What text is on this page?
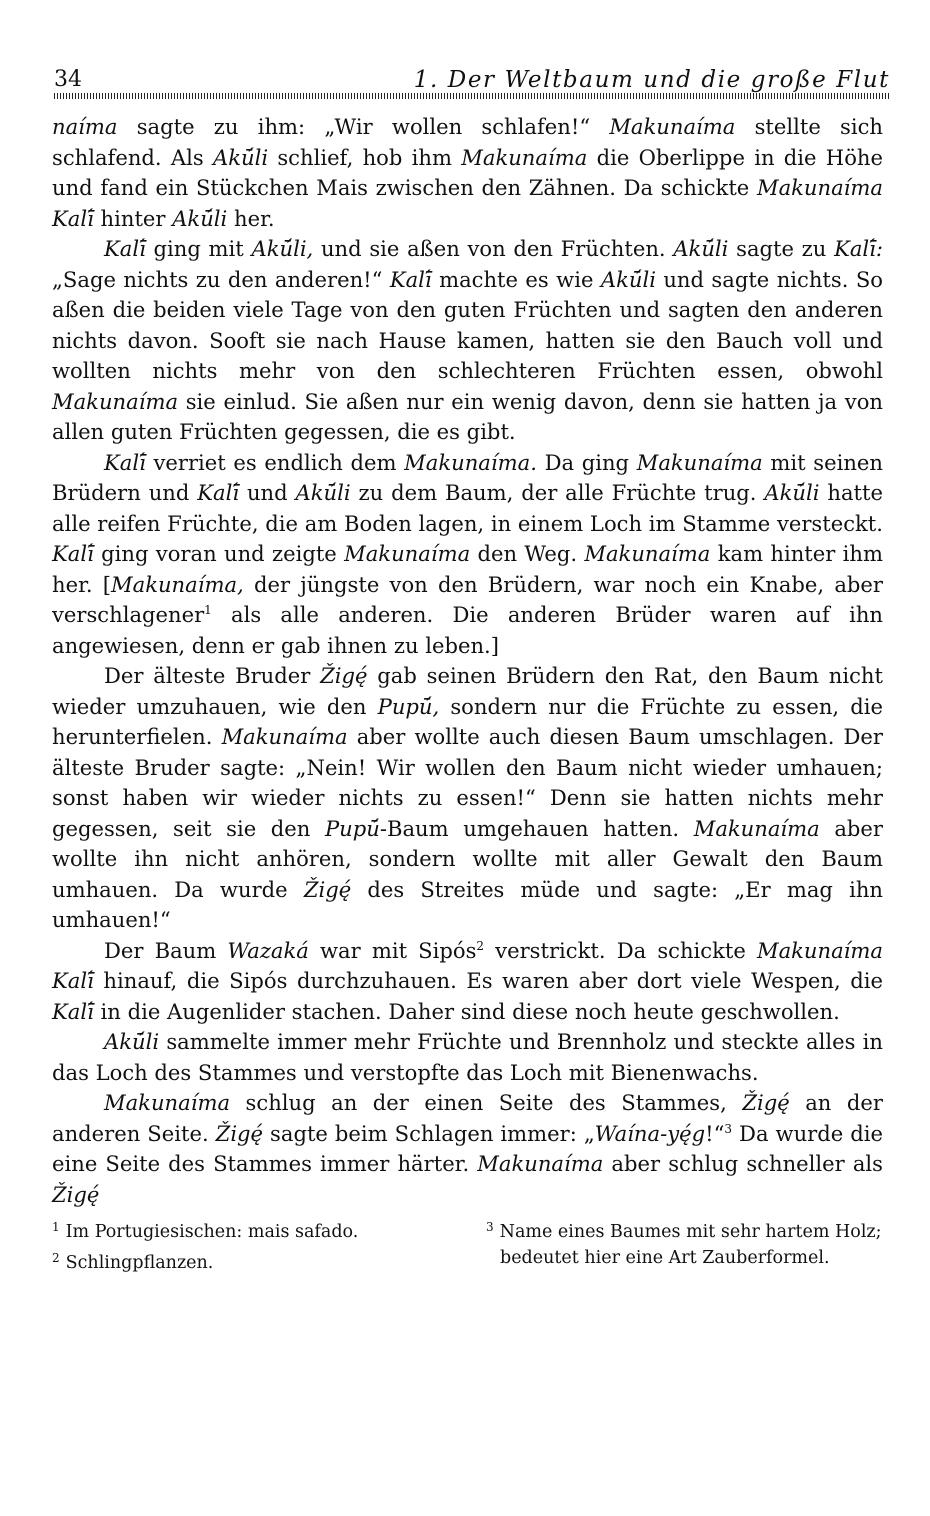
34	1. Der Weltbaum und die große Flut

naíma sagte zu ihm: „Wir wollen schlafen!“ Makunaíma stellte sich schlafend. Als Akū́li schlief, hob ihm Makunaíma die Oberlippe in die Höhe und fand ein Stückchen Mais zwischen den Zähnen. Da schickte Makunaíma Kalī́ hinter Akū́li her.

Kalī́ ging mit Akū́li, und sie aßen von den Früchten. Akū́li sagte zu Kalī́: „Sage nichts zu den anderen!“ Kalī́ machte es wie Akū́li und sagte nichts. So aßen die beiden viele Tage von den guten Früchten und sagten den anderen nichts davon. Sooft sie nach Hause kamen, hatten sie den Bauch voll und wollten nichts mehr von den schlechteren Früchten essen, obwohl Makunaíma sie einlud. Sie aßen nur ein wenig davon, denn sie hatten ja von allen guten Früchten gegessen, die es gibt.

Kalī́ verriet es endlich dem Makunaíma. Da ging Makunaíma mit seinen Brüdern und Kalī́ und Akū́li zu dem Baum, der alle Früchte trug. Akū́li hatte alle reifen Früchte, die am Boden lagen, in einem Loch im Stamme versteckt. Kalī́ ging voran und zeigte Makunaíma den Weg. Makunaíma kam hinter ihm her. [Makunaíma, der jüngste von den Brüdern, war noch ein Knabe, aber verschlagener$^1$ als alle anderen. Die anderen Brüder waren auf ihn angewiesen, denn er gab ihnen zu leben.]

Der älteste Bruder Žigę́ gab seinen Brüdern den Rat, den Baum nicht wieder umzuhauen, wie den Pupū́, sondern nur die Früchte zu essen, die herunterfielen. Makunaíma aber wollte auch diesen Baum umschlagen. Der älteste Bruder sagte: „Nein! Wir wollen den Baum nicht wieder umhauen; sonst haben wir wieder nichts zu essen!“ Denn sie hatten nichts mehr gegessen, seit sie den Pupū́-Baum umgehauen hatten. Makunaíma aber wollte ihn nicht anhören, sondern wollte mit aller Gewalt den Baum umhauen. Da wurde Žigę́ des Streites müde und sagte: „Er mag ihn umhauen!“

Der Baum Wazaká war mit Sipós$^2$ verstrickt. Da schickte Makunaíma Kalī́ hinauf, die Sipós durchzuhauen. Es waren aber dort viele Wespen, die Kalī́ in die Augenlider stachen. Daher sind diese noch heute geschwollen.

Akū́li sammelte immer mehr Früchte und Brennholz und steckte alles in das Loch des Stammes und verstopfte das Loch mit Bienenwachs.

Makunaíma schlug an der einen Seite des Stammes, Žigę́ an der anderen Seite. Žigę́ sagte beim Schlagen immer: „Waína-yę́g!“$^3$ Da wurde die eine Seite des Stammes immer härter. Makunaíma aber schlug schneller als Žigę́

$^1$ Im Portugiesischen: mais safado.
$^2$ Schlingpflanzen.
$^3$ Name eines Baumes mit sehr hartem Holz;
bedeutet hier eine Art Zauberformel.
